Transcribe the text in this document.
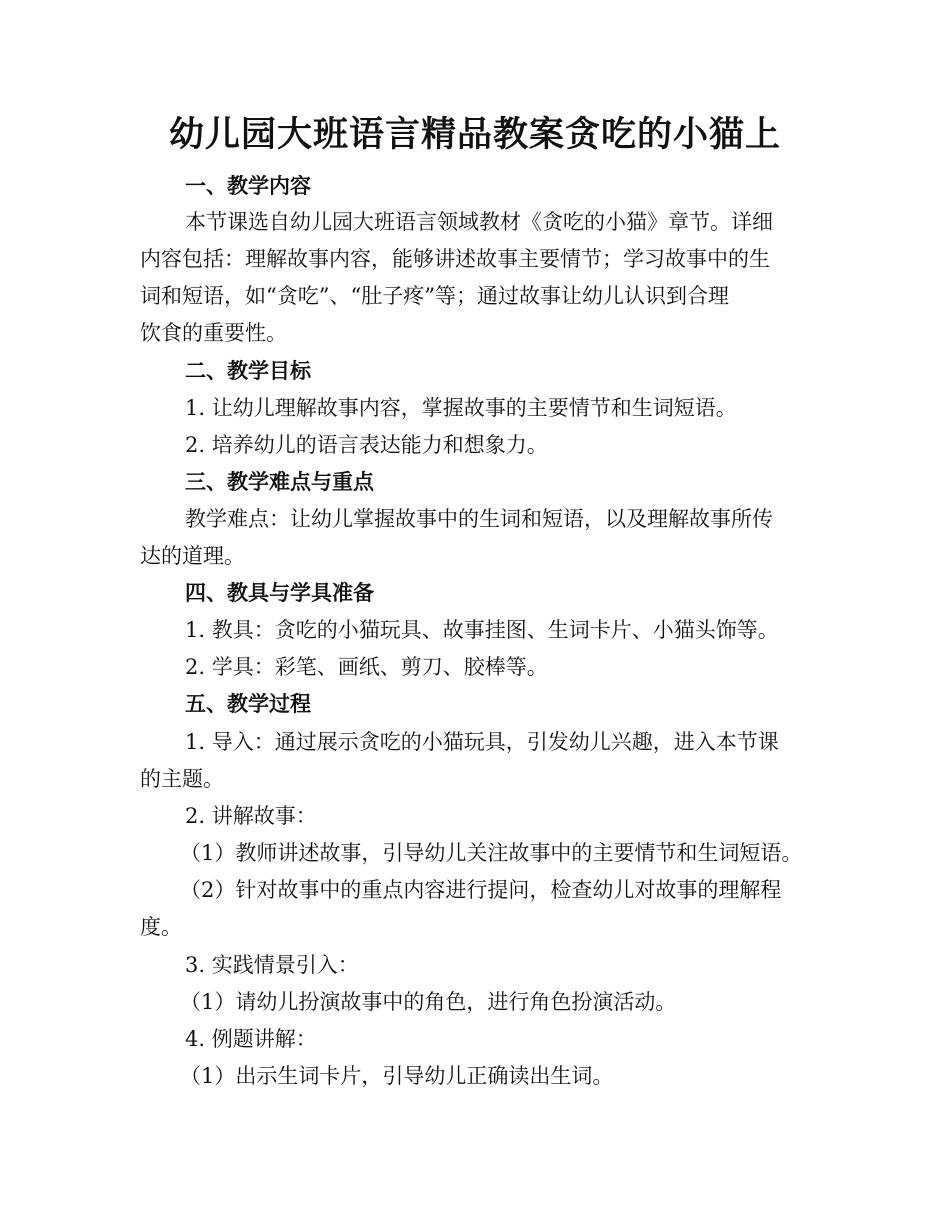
幼儿园大班语言精品教案贪吃的小猫上
一、教学内容
本节课选自幼儿园大班语言领域教材《贪吃的小猫》章节。详细
内容包括：理解故事内容，能够讲述故事主要情节；学习故事中的生
词和短语，如“贪吃”、“肚子疼”等；通过故事让幼儿认识到合理
饮食的重要性。
二、教学目标
1. 让幼儿理解故事内容，掌握故事的主要情节和生词短语。
2. 培养幼儿的语言表达能力和想象力。
三、教学难点与重点
教学难点：让幼儿掌握故事中的生词和短语，以及理解故事所传
达的道理。
四、教具与学具准备
1. 教具：贪吃的小猫玩具、故事挂图、生词卡片、小猫头饰等。
2. 学具：彩笔、画纸、剪刀、胶棒等。
五、教学过程
1. 导入：通过展示贪吃的小猫玩具，引发幼儿兴趣，进入本节课
的主题。
2. 讲解故事：
（1）教师讲述故事，引导幼儿关注故事中的主要情节和生词短语。
（2）针对故事中的重点内容进行提问，检查幼儿对故事的理解程
度。
3. 实践情景引入：
（1）请幼儿扮演故事中的角色，进行角色扮演活动。
4. 例题讲解：
（1）出示生词卡片，引导幼儿正确读出生词。
